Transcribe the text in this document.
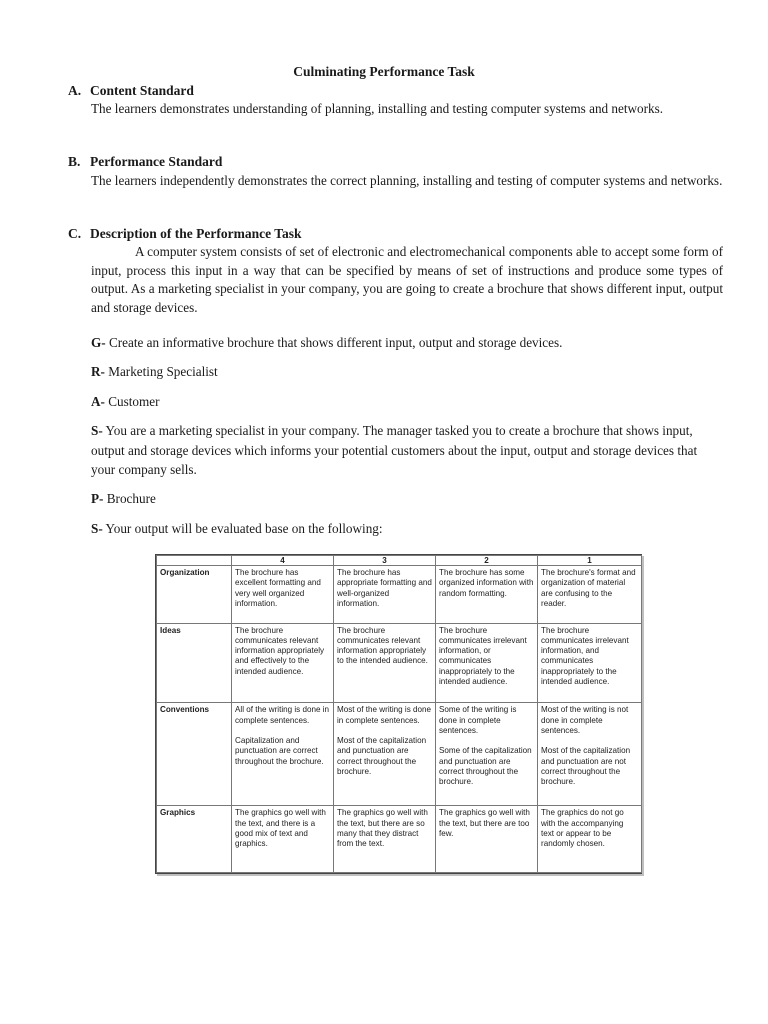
Culminating Performance Task
A. Content Standard
The learners demonstrates understanding of planning, installing and testing computer systems and networks.
B. Performance Standard
The learners independently demonstrates the correct planning, installing and testing of computer systems and networks.
C. Description of the Performance Task
A computer system consists of set of electronic and electromechanical components able to accept some form of input, process this input in a way that can be specified by means of set of instructions and produce some types of output. As a marketing specialist in your company, you are going to create a brochure that shows different input, output and storage devices.
G- Create an informative brochure that shows different input, output and storage devices.
R- Marketing Specialist
A- Customer
S- You are a marketing specialist in your company. The manager tasked you to create a brochure that shows input, output and storage devices which informs your potential customers about the input, output and storage devices that your company sells.
P- Brochure
S- Your output will be evaluated base on the following:
	4	3	2	1
Organization	The brochure has excellent formatting and very well organized information.	The brochure has appropriate formatting and well-organized information.	The brochure has some organized information with random formatting.	The brochure's format and organization of material are confusing to the reader.

Ideas	The brochure communicates relevant information appropriately and effectively to the intended audience.	The brochure communicates relevant information appropriately to the intended audience.	The brochure communicates irrelevant information, or communicates inappropriately to the intended audience.	The brochure communicates irrelevant information, and communicates inappropriately to the intended audience.

Conventions	All of the writing is done in complete sentences.
Capitalization and punctuation are correct throughout the brochure.	Most of the writing is done in complete sentences.
Most of the capitalization and punctuation are correct throughout the brochure.	Some of the writing is done in complete sentences.
Some of the capitalization and punctuation are correct throughout the brochure.	Most of the writing is not done in complete sentences.
Most of the capitalization and punctuation are not correct throughout the brochure.

Graphics	The graphics go well with the text, and there is a good mix of text and graphics.	The graphics go well with the text, but there are so many that they distract from the text.	The graphics go well with the text, but there are too few.	The graphics do not go with the accompanying text or appear to be randomly chosen.
